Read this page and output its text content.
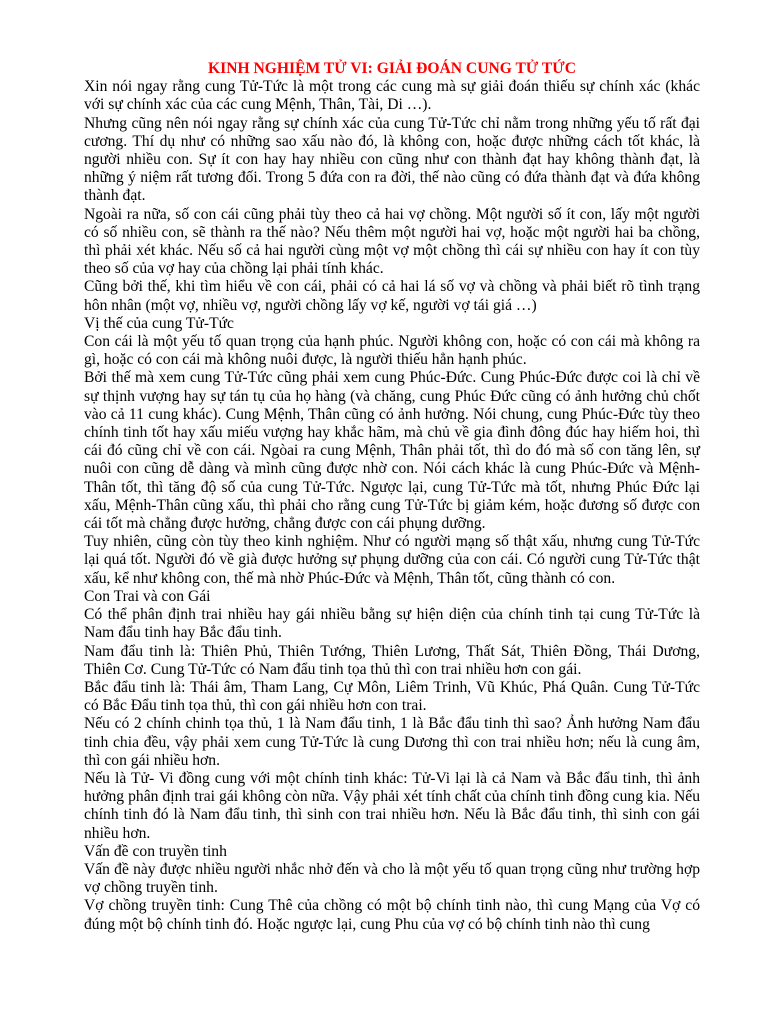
KINH NGHIỆM TỬ VI: GIẢI ĐOÁN CUNG TỬ TỨC

Xin nói ngay rằng cung Tử-Tức là một trong các cung mà sự giải đoán thiếu sự chính xác (khác với sự chính xác của các cung Mệnh, Thân, Tài, Di …).

Nhưng cũng nên nói ngay rằng sự chính xác của cung Tử-Tức chỉ nằm trong những yếu tố rất đại cương. Thí dụ như có những sao xấu nào đó, là không con, hoặc được những cách tốt khác, là người nhiều con. Sự ít con hay hay nhiều con cũng như con thành đạt hay không thành đạt, là những ý niệm rất tương đối. Trong 5 đứa con ra đời, thế nào cũng có đứa thành đạt và đứa không thành đạt.

Ngoài ra nữa, số con cái cũng phải tùy theo cả hai vợ chồng. Một người số ít con, lấy một người có số nhiều con, sẽ thành ra thế nào? Nếu thêm một người hai vợ, hoặc một người hai ba chồng, thì phải xét khác. Nếu số cả hai người cùng một vợ một chồng thì cái sự nhiều con hay ít con tùy theo số của vợ hay của chồng lại phải tính khác.

Cũng bởi thế, khi tìm hiểu về con cái, phải có cả hai lá số vợ và chồng và phải biết rõ tình trạng hôn nhân (một vợ, nhiều vợ, người chồng lấy vợ kế, người vợ tái giá …)

Vị thế của cung Tử-Tức

Con cái là một yếu tố quan trọng của hạnh phúc. Người không con, hoặc có con cái mà không ra gì, hoặc có con cái mà không nuôi được, là người thiếu hẳn hạnh phúc.

Bởi thế mà xem cung Tử-Tức cũng phải xem cung Phúc-Đức. Cung Phúc-Đức được coi là chỉ về sự thịnh vượng hay sự tán tụ của họ hàng (và chăng, cung Phúc Đức cũng có ảnh hưởng chủ chốt vào cả 11 cung khác). Cung Mệnh, Thân cũng có ảnh hưởng. Nói chung, cung Phúc-Đức tùy theo chính tinh tốt hay xấu miếu vượng hay khắc hãm, mà chủ về gia đình đông đúc hay hiếm hoi, thì cái đó cũng chỉ về con cái. Ngòai ra cung Mệnh, Thân phải tốt, thì do đó mà số con tăng lên, sự nuôi con cũng dễ dàng và mình cũng được nhờ con. Nói cách khác là cung Phúc-Đức và Mệnh-Thân tốt, thì tăng độ số của cung Tử-Tức. Ngược lại, cung Tử-Tức mà tốt, nhưng Phúc Đức lại xấu, Mệnh-Thân cũng xấu, thì phải cho rằng cung Tử-Tức bị giảm kém, hoặc đương số được con cái tốt mà chẳng được hưởng, chẳng được con cái phụng dưỡng.

Tuy nhiên, cũng còn tùy theo kinh nghiệm. Như có người mạng số thật xấu, nhưng cung Tử-Tức lại quá tốt. Người đó về già được hưởng sự phụng dưỡng của con cái. Có người cung Tử-Tức thật xấu, kể như không con, thế mà nhờ Phúc-Đức và Mệnh, Thân tốt, cũng thành có con.

Con Trai và con Gái

Có thể phân định trai nhiều hay gái nhiều bằng sự hiện diện của chính tinh tại cung Tử-Tức là Nam đẩu tinh hay Bắc đẩu tinh.

Nam đẩu tinh là: Thiên Phủ, Thiên Tướng, Thiên Lương, Thất Sát, Thiên Đồng, Thái Dương, Thiên Cơ. Cung Tử-Tức có Nam đẩu tinh tọa thủ thì con trai nhiều hơn con gái.

Bắc đẩu tinh là: Thái âm, Tham Lang, Cự Môn, Liêm Trinh, Vũ Khúc, Phá Quân. Cung Tử-Tức có Bắc Đẩu tinh tọa thủ, thì con gái nhiều hơn con trai.

Nếu có 2 chính chinh tọa thủ, 1 là Nam đẩu tinh, 1 là Bắc đẩu tinh thì sao? Ảnh hưởng Nam đẩu tinh chia đều, vậy phải xem cung Tử-Tức là cung Dương thì con trai nhiều hơn; nếu là cung âm, thì con gái nhiều hơn.

Nếu là Tử- Vi đồng cung với một chính tinh khác: Tử-Vi lại là cả Nam và Bắc đẩu tinh, thì ảnh hưởng phân định trai gái không còn nữa. Vậy phải xét tính chất của chính tinh đồng cung kia. Nếu chính tinh đó là Nam đẩu tinh, thì sinh con trai nhiều hơn. Nếu là Bắc đẩu tinh, thì sinh con gái nhiều hơn.

Vấn đề con truyền tinh

Vấn đề này được nhiều người nhắc nhở đến và cho là một yếu tố quan trọng cũng như trường hợp vợ chồng truyền tinh.

Vợ chồng truyền tinh: Cung Thê của chồng có một bộ chính tinh nào, thì cung Mạng của Vợ có đúng một bộ chính tinh đó. Hoặc ngược lại, cung Phu của vợ có bộ chính tinh nào thì cung
